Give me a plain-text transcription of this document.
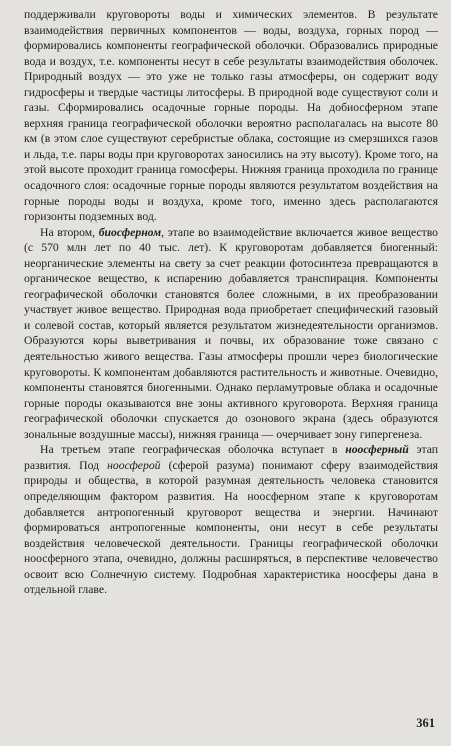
поддерживали круговороты воды и химических элементов. В результате взаимодействия первичных компонентов — воды, воздуха, горных пород — формировались компоненты географической оболочки. Образовались природные вода и воздух, т.е. компоненты несут в себе результаты взаимодействия оболочек. Природный воздух — это уже не только газы атмосферы, он содержит воду гидросферы и твердые частицы литосферы. В природной воде существуют соли и газы. Сформировались осадочные горные породы. На добиосферном этапе верхняя граница географической оболочки вероятно располагалась на высоте 80 км (в этом слое существуют серебристые облака, состоящие из смерзшихся газов и льда, т.е. пары воды при круговоротах заносились на эту высоту). Кроме того, на этой высоте проходит граница гомосферы. Нижняя граница проходила по границе осадочного слоя: осадочные горные породы являются результатом воздействия на горные породы воды и воздуха, кроме того, именно здесь располагаются горизонты подземных вод.

На втором, биосферном, этапе во взаимодействие включается живое вещество (с 570 млн лет по 40 тыс. лет). К круговоротам добавляется биогенный: неорганические элементы на свету за счет реакции фотосинтеза превращаются в органическое вещество, к испарению добавляется транспирация. Компоненты географической оболочки становятся более сложными, в их преобразовании участвует живое вещество. Природная вода приобретает специфический газовый и солевой состав, который является результатом жизнедеятельности организмов. Образуются коры выветривания и почвы, их образование тоже связано с деятельностью живого вещества. Газы атмосферы прошли через биологические круговороты. К компонентам добавляются растительность и животные. Очевидно, компоненты становятся биогенными. Однако перламутровые облака и осадочные горные породы оказываются вне зоны активного круговорота. Верхняя граница географической оболочки спускается до озонового экрана (здесь образуются зональные воздушные массы), нижняя граница — очерчивает зону гипергенеза.

На третьем этапе географическая оболочка вступает в ноосферный этап развития. Под ноосферой (сферой разума) понимают сферу взаимодействия природы и общества, в которой разумная деятельность человека становится определяющим фактором развития. На ноосферном этапе к круговоротам добавляется антропогенный круговорот вещества и энергии. Начинают формироваться антропогенные компоненты, они несут в себе результаты воздействия человеческой деятельности. Границы географической оболочки ноосферного этапа, очевидно, должны расширяться, в перспективе человечество освоит всю Солнечную систему. Подробная характеристика ноосферы дана в отдельной главе.

361
